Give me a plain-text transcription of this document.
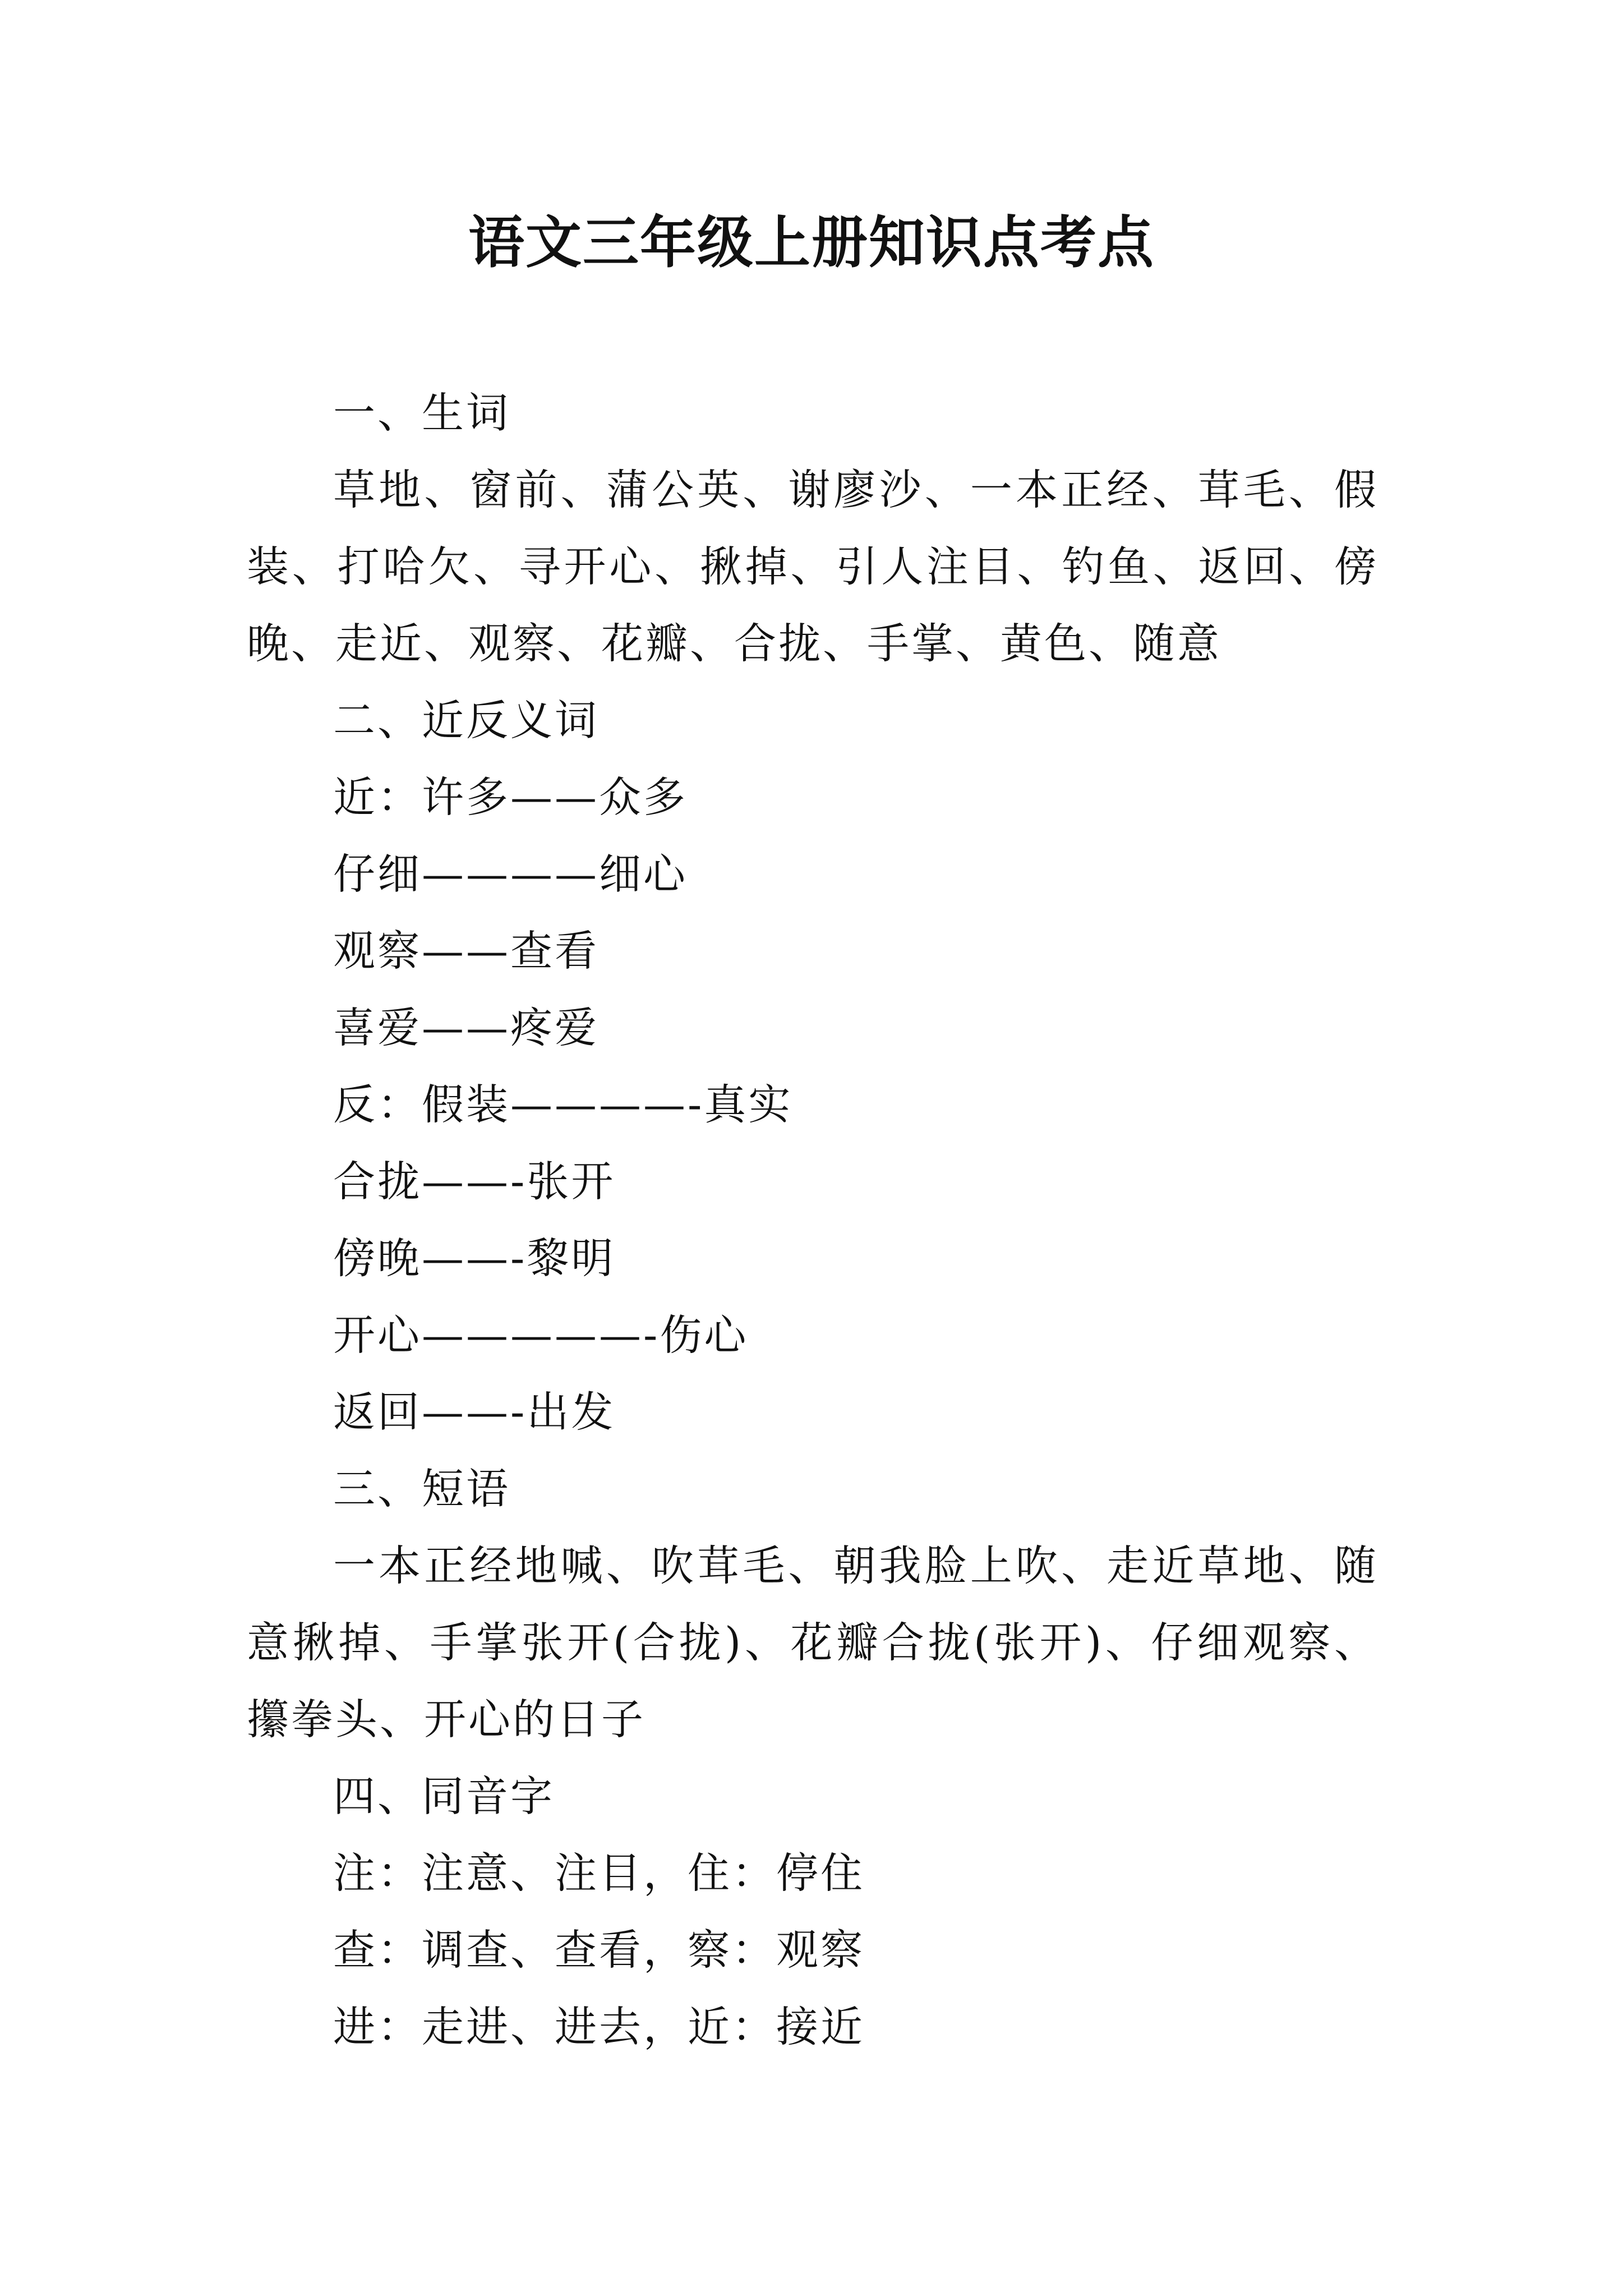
语文三年级上册知识点考点

一、生词

草地、窗前、蒲公英、谢廖沙、一本正经、茸毛、假装、打哈欠、寻开心、揪掉、引人注目、钓鱼、返回、傍晚、走近、观察、花瓣、合拢、手掌、黄色、随意

二、近反义词

近：许多——众多

仔细————细心

观察——查看

喜爱——疼爱

反：假装————-真实

合拢——-张开

傍晚——-黎明

开心—————-伤心

返回——-出发

三、短语

一本正经地喊、吹茸毛、朝我脸上吹、走近草地、随意揪掉、手掌张开(合拢)、花瓣合拢(张开)、仔细观察、攥拳头、开心的日子

四、同音字

注：注意、注目，住：停住

查：调查、查看，察：观察

进：走进、进去，近：接近
